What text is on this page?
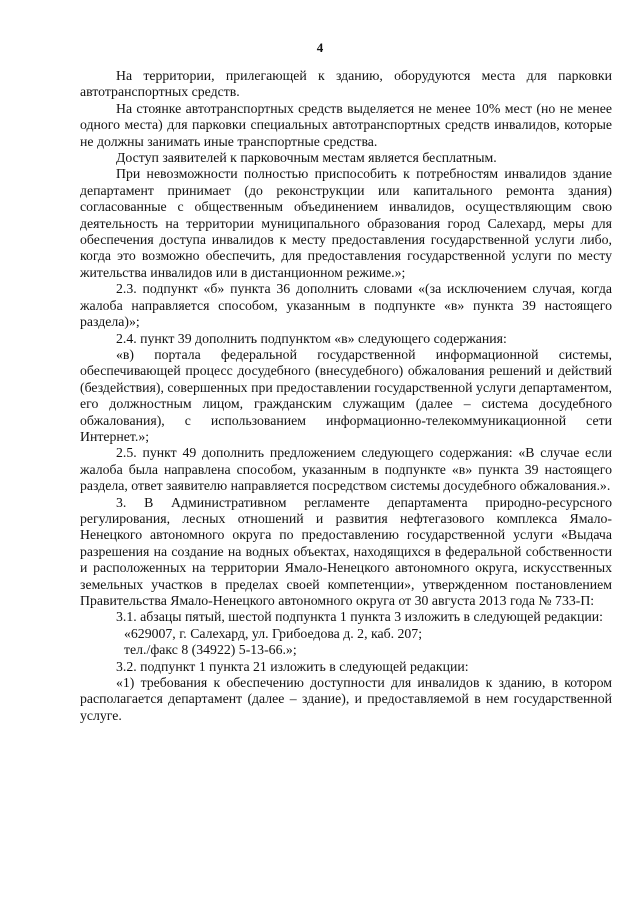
4

На территории, прилегающей к зданию, оборудуются места для парковки автотранспортных средств.

На стоянке автотранспортных средств выделяется не менее 10% мест (но не менее одного места) для парковки специальных автотранспортных средств инвалидов, которые не должны занимать иные транспортные средства.

Доступ заявителей к парковочным местам является бесплатным.

При невозможности полностью приспособить к потребностям инвалидов здание департамент принимает (до реконструкции или капитального ремонта здания) согласованные с общественным объединением инвалидов, осуществляющим свою деятельность на территории муниципального образования город Салехард, меры для обеспечения доступа инвалидов к месту предоставления государственной услуги либо, когда это возможно обеспечить, для предоставления государственной услуги по месту жительства инвалидов или в дистанционном режиме.»;

2.3. подпункт «б» пункта 36 дополнить словами «(за исключением случая, когда жалоба направляется способом, указанным в подпункте «в» пункта 39 настоящего раздела)»;

2.4. пункт 39 дополнить подпунктом «в» следующего содержания:

«в) портала федеральной государственной информационной системы, обеспечивающей процесс досудебного (внесудебного) обжалования решений и действий (бездействия), совершенных при предоставлении государственной услуги департаментом, его должностным лицом, гражданским служащим (далее – система досудебного обжалования), с использованием информационно-телекоммуникационной сети Интернет.»;

2.5. пункт 49 дополнить предложением следующего содержания: «В случае если жалоба была направлена способом, указанным в подпункте «в» пункта 39 настоящего раздела, ответ заявителю направляется посредством системы досудебного обжалования.».

3. В Административном регламенте департамента природно-ресурсного регулирования, лесных отношений и развития нефтегазового комплекса Ямало-Ненецкого автономного округа по предоставлению государственной услуги «Выдача разрешения на создание на водных объектах, находящихся в федеральной собственности и расположенных на территории Ямало-Ненецкого автономного округа, искусственных земельных участков в пределах своей компетенции», утвержденном постановлением Правительства Ямало-Ненецкого автономного округа от 30 августа 2013 года № 733-П:

3.1. абзацы пятый, шестой подпункта 1 пункта 3 изложить в следующей редакции:

«629007, г. Салехард, ул. Грибоедова д. 2, каб. 207;

тел./факс 8 (34922) 5-13-66.»;

3.2. подпункт 1 пункта 21 изложить в следующей редакции:

«1) требования к обеспечению доступности для инвалидов к зданию, в котором располагается департамент (далее – здание), и предоставляемой в нем государственной услуге.
